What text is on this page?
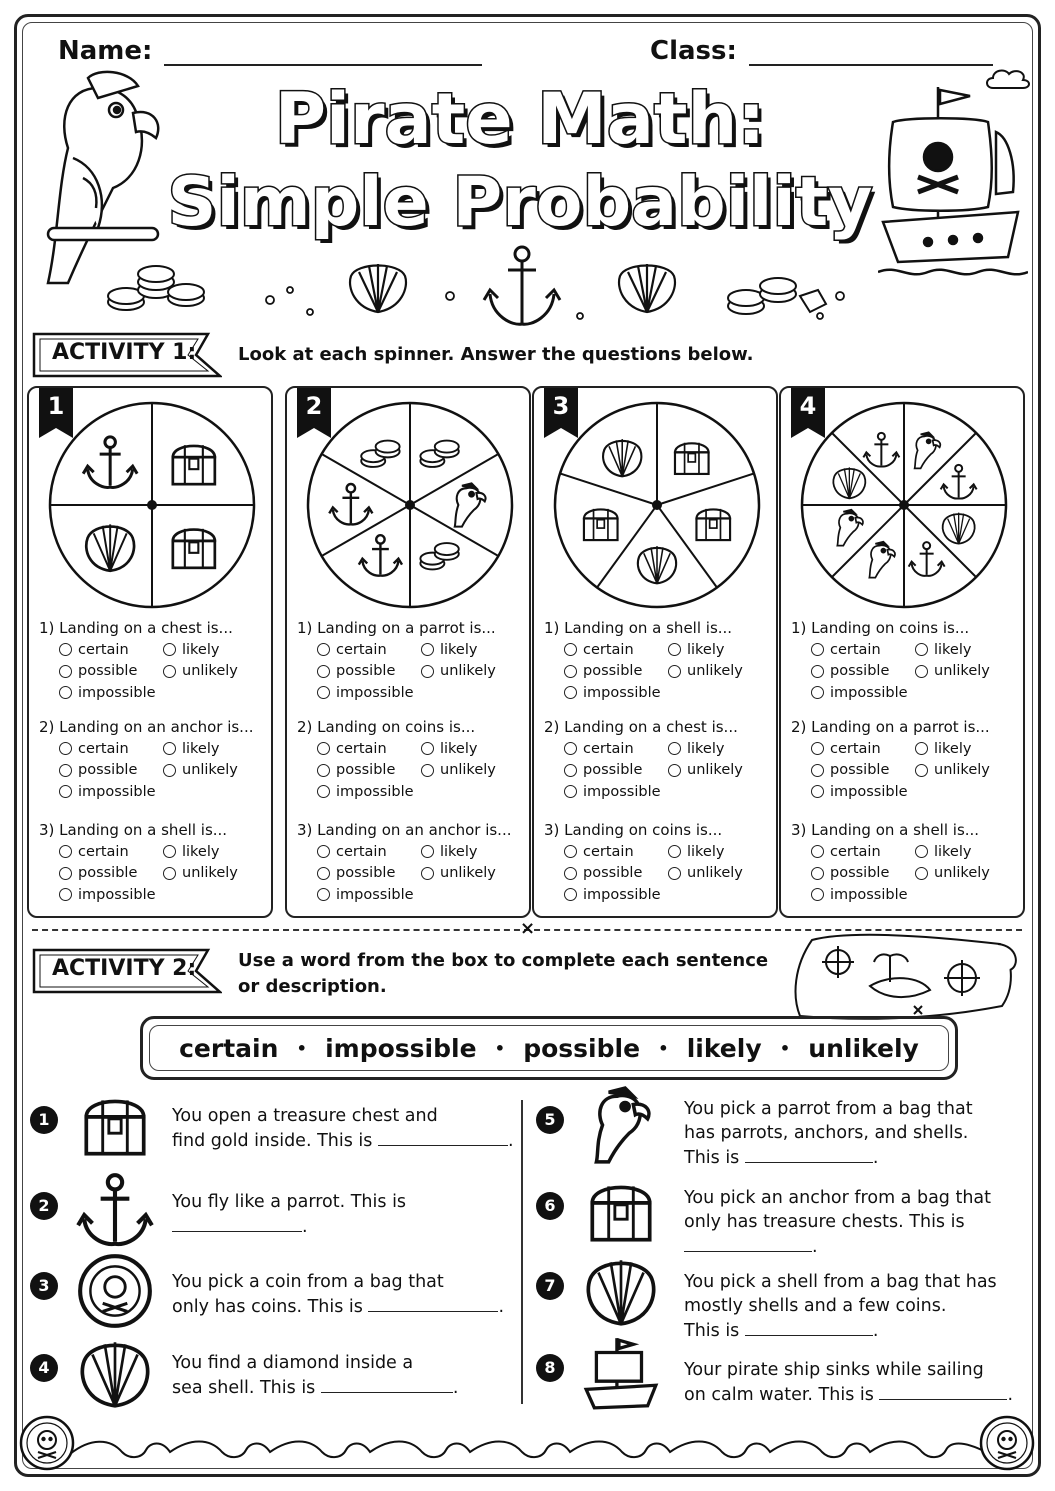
Name:	Class:
Pirate Math:
Simple Probability
ACTIVITY 1: Look at each spinner. Answer the questions below.
1
1) Landing on a chest is...
certain	likely
possible	unlikely
impossible
2) Landing on an anchor is...
certain	likely
possible	unlikely
impossible
3) Landing on a shell is...
certain	likely
possible	unlikely
impossible
2
1) Landing on a parrot is...
certain	likely
possible	unlikely
impossible
2) Landing on coins is...
certain	likely
possible	unlikely
impossible
3) Landing on an anchor is...
certain	likely
possible	unlikely
impossible
3
1) Landing on a shell is...
certain	likely
possible	unlikely
impossible
2) Landing on a chest is...
certain	likely
possible	unlikely
impossible
3) Landing on coins is...
certain	likely
possible	unlikely
impossible
4
1) Landing on coins is...
certain	likely
possible	unlikely
impossible
2) Landing on a parrot is...
certain	likely
possible	unlikely
impossible
3) Landing on a shell is...
certain	likely
possible	unlikely
impossible
×
ACTIVITY 2: Use a word from the box to complete each sentence
or description.
certain • impossible • possible • likely • unlikely
1	You open a treasure chest and
find gold inside. This is	.
2	You fly like a parrot. This is
.
3	You pick a coin from a bag that
only has coins. This is	.
4	You find a diamond inside a
sea shell. This is	.
5
You pick a parrot from a bag that
has parrots, anchors, and shells.
This is	.
6	You pick an anchor from a bag that
only has treasure chests. This is .
7	You pick a shell from a bag that has
mostly shells and a few coins.
This is	.
8	Your pirate ship sinks while sailing
on calm water. This is	.
